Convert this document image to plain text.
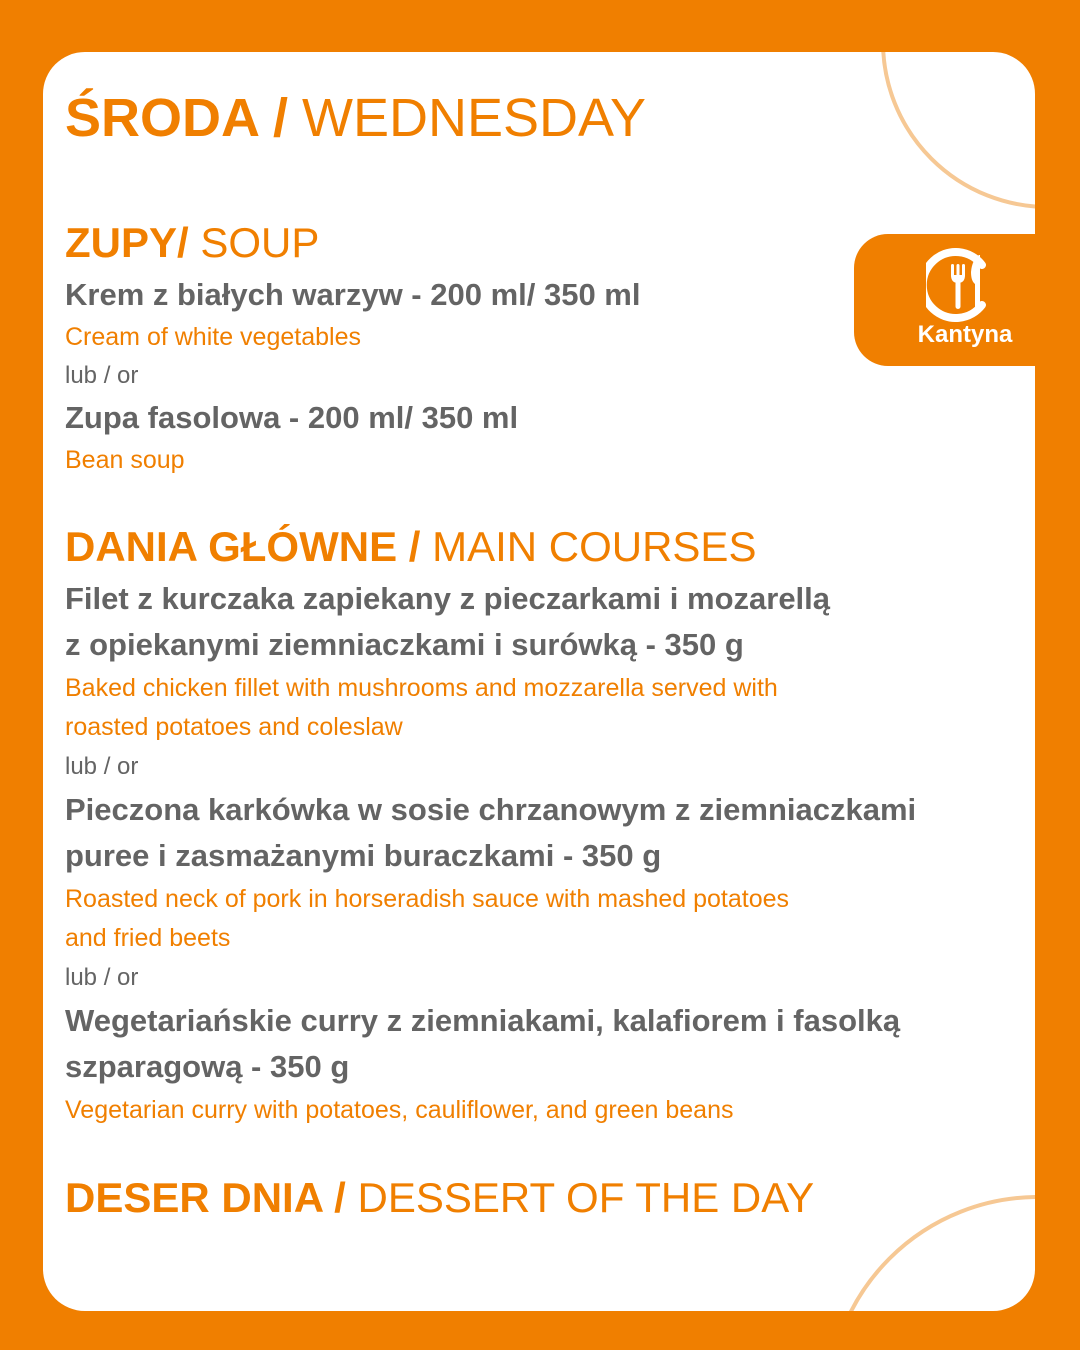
Kantyna
ŚRODA / WEDNESDAY
ZUPY/ SOUP

Krem z białych warzyw - 200 ml/ 350 ml

Cream of white vegetables

lub / or

Zupa fasolowa - 200 ml/ 350 ml

Bean soup

DANIA GŁÓWNE / MAIN COURSES

Filet z kurczaka zapiekany z pieczarkami i mozarellą

z opiekanymi ziemniaczkami i surówką - 350 g

Baked chicken fillet with mushrooms and mozzarella served with

roasted potatoes and coleslaw

lub / or

Pieczona karkówka w sosie chrzanowym z ziemniaczkami

puree i zasmażanymi buraczkami - 350 g

Roasted neck of pork in horseradish sauce with mashed potatoes

and fried beets

lub / or

Wegetariańskie curry z ziemniakami, kalafiorem i fasolką

szparagową - 350 g

Vegetarian curry with potatoes, cauliflower, and green beans

DESER DNIA / DESSERT OF THE DAY
